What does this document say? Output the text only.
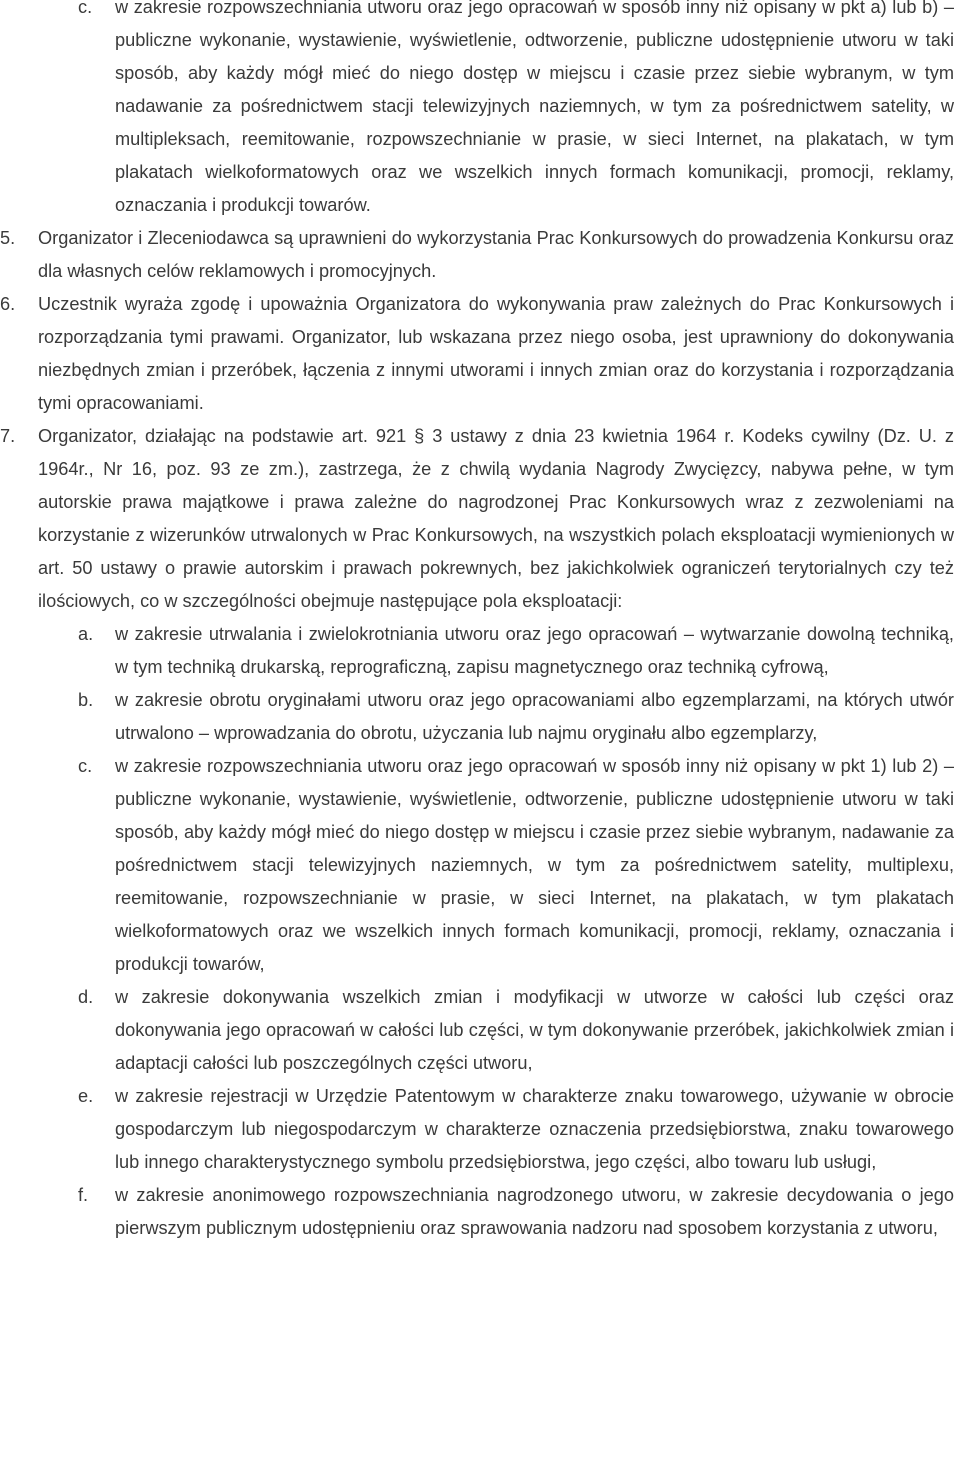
c.	w zakresie rozpowszechniania utworu oraz jego opracowań w sposób inny niż opisany w pkt a) lub b) – publiczne wykonanie, wystawienie, wyświetlenie, odtworzenie, publiczne udostępnienie utworu w taki sposób, aby każdy mógł mieć do niego dostęp w miejscu i czasie przez siebie wybranym, w tym nadawanie za pośrednictwem stacji telewizyjnych naziemnych, w tym za pośrednictwem satelity, w multipleksach, reemitowanie, rozpowszechnianie w prasie, w sieci Internet, na plakatach, w tym plakatach wielkoformatowych oraz we wszelkich innych formach komunikacji, promocji, reklamy, oznaczania i produkcji towarów.
5.	Organizator i Zleceniodawca są uprawnieni do wykorzystania Prac Konkursowych do prowadzenia Konkursu oraz dla własnych celów reklamowych i promocyjnych.
6.	Uczestnik wyraża zgodę i upoważnia Organizatora do wykonywania praw zależnych do Prac Konkursowych i rozporządzania tymi prawami. Organizator, lub wskazana przez niego osoba, jest uprawniony do dokonywania niezbędnych zmian i przeróbek, łączenia z innymi utworami i innych zmian oraz do korzystania i rozporządzania tymi opracowaniami.
7.	Organizator, działając na podstawie art. 921 § 3 ustawy z dnia 23 kwietnia 1964 r. Kodeks cywilny (Dz. U. z 1964r., Nr 16, poz. 93 ze zm.), zastrzega, że z chwilą wydania Nagrody Zwycięzcy, nabywa pełne, w tym autorskie prawa majątkowe i prawa zależne do nagrodzonej Prac Konkursowych wraz z zezwoleniami na korzystanie z wizerunków utrwalonych w Prac Konkursowych, na wszystkich polach eksploatacji wymienionych w art. 50 ustawy o prawie autorskim i prawach pokrewnych, bez jakichkolwiek ograniczeń terytorialnych czy też ilościowych, co w szczególności obejmuje następujące pola eksploatacji:
a.	w zakresie utrwalania i zwielokrotniania utworu oraz jego opracowań – wytwarzanie dowolną techniką, w tym techniką drukarską, reprograficzną, zapisu magnetycznego oraz techniką cyfrową,
b.	w zakresie obrotu oryginałami utworu oraz jego opracowaniami albo egzemplarzami, na których utwór utrwalono – wprowadzania do obrotu, użyczania lub najmu oryginału albo egzemplarzy,
c.	w zakresie rozpowszechniania utworu oraz jego opracowań w sposób inny niż opisany w pkt 1) lub 2) – publiczne wykonanie, wystawienie, wyświetlenie, odtworzenie, publiczne udostępnienie utworu w taki sposób, aby każdy mógł mieć do niego dostęp w miejscu i czasie przez siebie wybranym, nadawanie za pośrednictwem stacji telewizyjnych naziemnych, w tym za pośrednictwem satelity, multiplexu, reemitowanie, rozpowszechnianie w prasie, w sieci Internet, na plakatach, w tym plakatach wielkoformatowych oraz we wszelkich innych formach komunikacji, promocji, reklamy, oznaczania i produkcji towarów,
d.	w zakresie dokonywania wszelkich zmian i modyfikacji w utworze w całości lub części oraz dokonywania jego opracowań w całości lub części, w tym dokonywanie przeróbek, jakichkolwiek zmian i adaptacji całości lub poszczególnych części utworu,
e.	w zakresie rejestracji w Urzędzie Patentowym w charakterze znaku towarowego, używanie w obrocie gospodarczym lub niegospodarczym w charakterze oznaczenia przedsiębiorstwa, znaku towarowego lub innego charakterystycznego symbolu przedsiębiorstwa, jego części, albo towaru lub usługi,
f.	w zakresie anonimowego rozpowszechniania nagrodzonego utworu, w zakresie decydowania o jego pierwszym publicznym udostępnieniu oraz sprawowania nadzoru nad sposobem korzystania z utworu,
